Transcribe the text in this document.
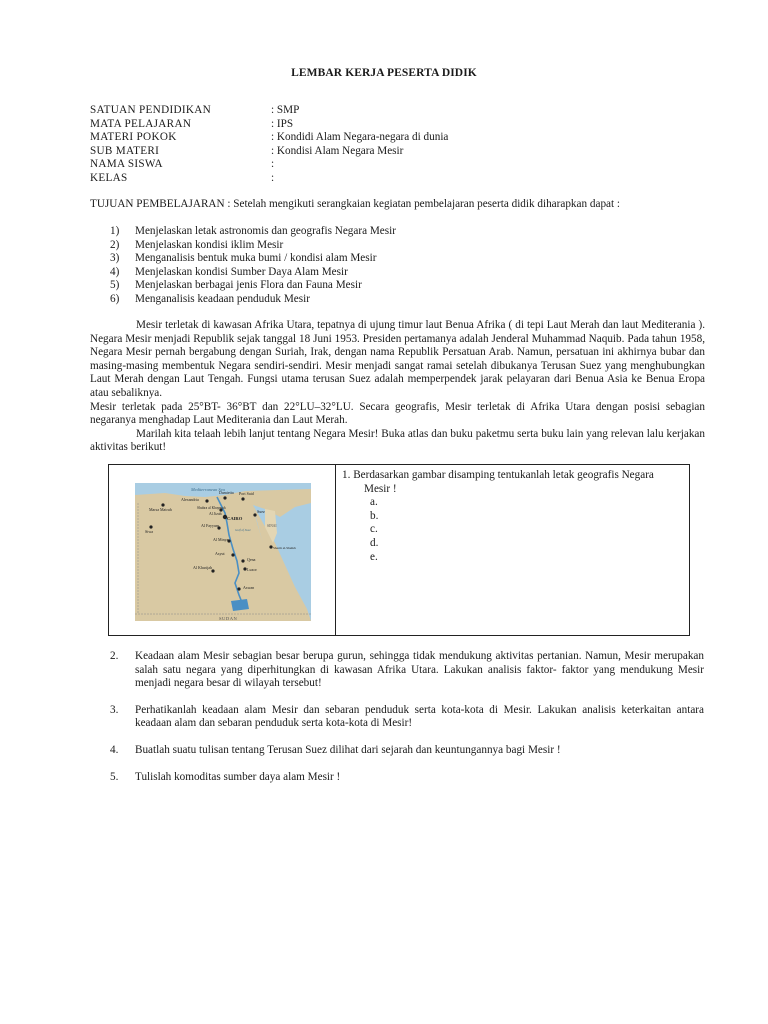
LEMBAR KERJA PESERTA DIDIK
SATUAN PENDIDIKAN	: SMP
MATA PELAJARAN	: IPS
MATERI POKOK	: Kondidi Alam Negara-negara di dunia
SUB MATERI	: Kondisi Alam Negara Mesir
NAMA SISWA	:
KELAS	:
TUJUAN PEMBELAJARAN : Setelah mengikuti serangkaian kegiatan pembelajaran peserta didik diharapkan dapat :
1)	Menjelaskan letak astronomis dan geografis Negara Mesir
2)	Menjelaskan kondisi iklim Mesir
3)	Menganalisis bentuk muka bumi / kondisi alam Mesir
4)	Menjelaskan kondisi Sumber Daya Alam Mesir
5)	Menjelaskan berbagai jenis Flora dan Fauna Mesir
6)	Menganalisis keadaan penduduk Mesir

Mesir terletak di kawasan Afrika Utara, tepatnya di ujung timur laut Benua Afrika ( di tepi Laut Merah dan laut Mediterania ). Negara Mesir menjadi Republik sejak tanggal 18 Juni 1953. Presiden pertamanya adalah Jenderal Muhammad Naquib. Pada tahun 1958, Negara Mesir pernah bergabung dengan Suriah, Irak, dengan nama Republik Persatuan Arab. Namun, persatuan ini akhirnya bubar dan masing-masing membentuk Negara sendiri-sendiri. Mesir menjadi sangat ramai setelah dibukanya Terusan Suez yang menghubungkan Laut Merah dengan Laut Tengah. Fungsi utama terusan Suez adalah memperpendek jarak pelayaran dari Benua Asia ke Benua Eropa atau sebaliknya.

Mesir terletak pada 25°BT- 36°BT dan 22°LU–32°LU. Secara geografis, Mesir terletak di Afrika Utara dengan posisi sebagian negaranya menghadap Laut Mediterania dan Laut Merah.

Marilah kita telaah lebih lanjut tentang Negara Mesir! Buka atlas dan buku paketmu serta buku lain yang relevan lalu kerjakan aktivitas berikut!

Mediterranean Sea
Alexandria
Damietta Port Said
Marsa Matruh	Shubra al Khaymah
Al Jizah
CAIRO
Suez
Siwa
Al Fayyum
Al Minya
Asyut
Al Kharijah
Qena
Luxor
Aswan
Sharm el-Sheikh
Gulf of Suez
SINAI
SUDAN
1. Berdasarkan gambar disamping tentukanlah letak geografis Negara
Mesir !
a.
b.
c.
d.
e.
2.	Keadaan alam Mesir sebagian besar berupa gurun, sehingga tidak mendukung aktivitas pertanian. Namun, Mesir merupakan salah satu negara yang diperhitungkan di kawasan Afrika Utara. Lakukan analisis faktor- faktor yang mendukung Mesir menjadi negara besar di wilayah tersebut!
3.	Perhatikanlah keadaan alam Mesir dan sebaran penduduk serta kota-kota di Mesir. Lakukan analisis keterkaitan antara keadaan alam dan sebaran penduduk serta kota-kota di Mesir!
4.	Buatlah suatu tulisan tentang Terusan Suez dilihat dari sejarah dan keuntungannya bagi Mesir !
5.	Tulislah komoditas sumber daya alam Mesir !
